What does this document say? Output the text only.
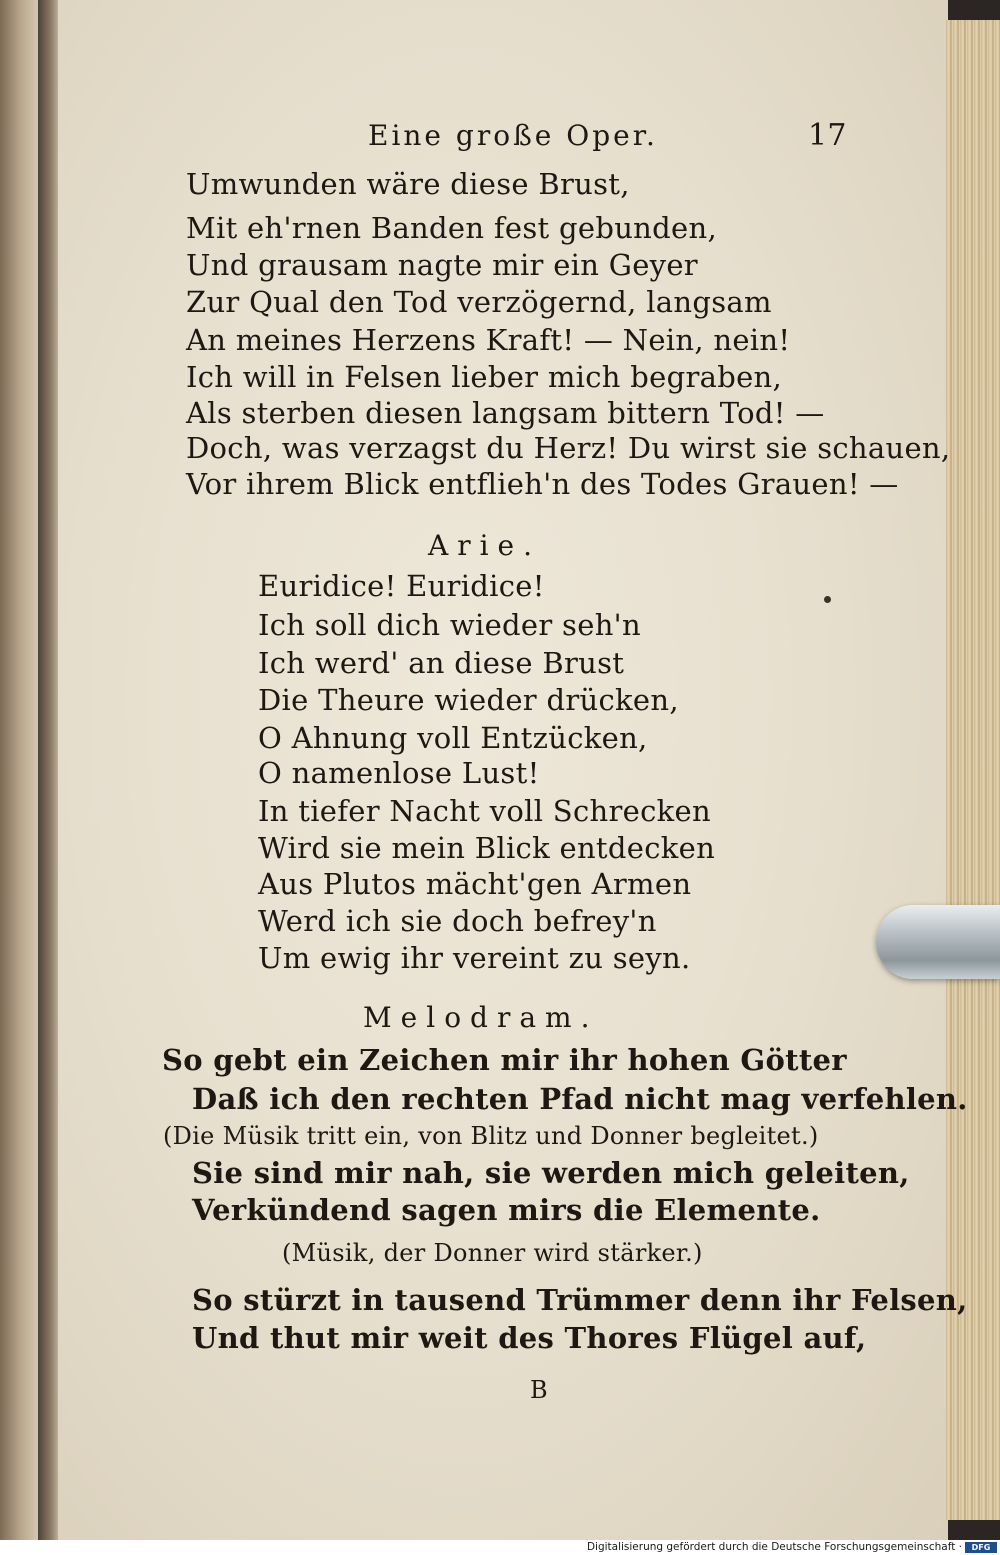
Eine große Oper.	17
Umwunden wäre diese Brust,
Mit eh'rnen Banden fest gebunden,
Und grausam nagte mir ein Geyer
Zur Qual den Tod verzögernd, langsam
An meines Herzens Kraft! — Nein, nein!
Ich will in Felsen lieber mich begraben,
Als sterben diesen langsam bittern Tod! —
Doch, was verzagst du Herz! Du wirst sie schauen,
Vor ihrem Blick entflieh'n des Todes Grauen! —
Arie.
Euridice! Euridice!
Ich soll dich wieder seh'n
Ich werd' an diese Brust
Die Theure wieder drücken,
O Ahnung voll Entzücken,
O namenlose Lust!
In tiefer Nacht voll Schrecken
Wird sie mein Blick entdecken
Aus Plutos mächt'gen Armen
Werd ich sie doch befrey'n
Um ewig ihr vereint zu seyn.
Melodram.
So gebt ein Zeichen mir ihr hohen Götter
Daß ich den rechten Pfad nicht mag verfehlen.
(Die Müsik tritt ein, von Blitz und Donner begleitet.)
Sie sind mir nah, sie werden mich geleiten,
Verkündend sagen mirs die Elemente.
(Müsik, der Donner wird stärker.)
So stürzt in tausend Trümmer denn ihr Felsen,
Und thut mir weit des Thores Flügel auf,
B
Digitalisierung gefördert durch die Deutsche Forschungsgemeinschaft ·	DFG
